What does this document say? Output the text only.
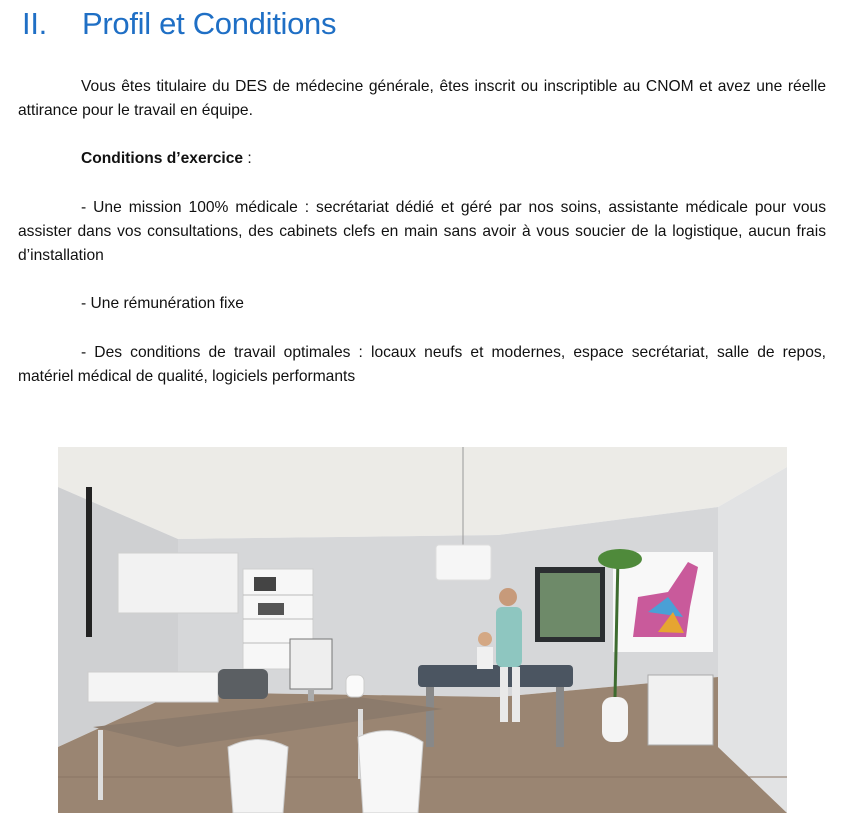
II.	Profil et Conditions

Vous êtes titulaire du DES de médecine générale, êtes inscrit ou inscriptible au CNOM et avez une réelle attirance pour le travail en équipe.

Conditions d’exercice :

- Une mission 100% médicale : secrétariat dédié et géré par nos soins, assistante médicale pour vous assister dans vos consultations, des cabinets clefs en main sans avoir à vous soucier de la logistique, aucun frais d’installation

- Une rémunération fixe

- Des conditions de travail optimales : locaux neufs et modernes, espace secrétariat, salle de repos, matériel médical de qualité, logiciels performants
